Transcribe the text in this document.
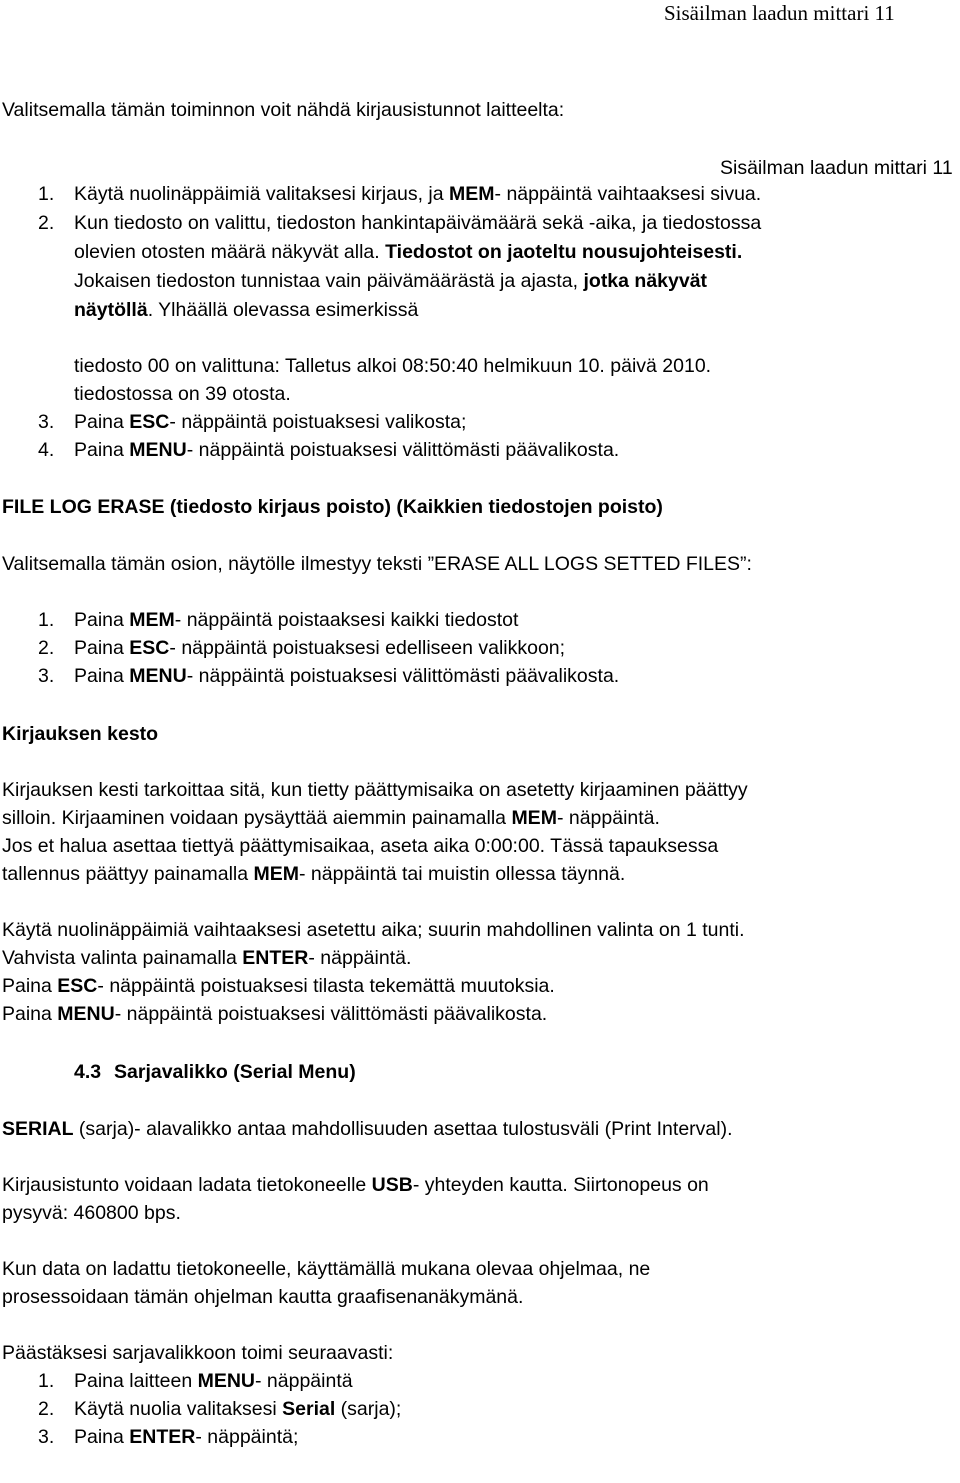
Sisäilman laadun mittari 11
Valitsemalla tämän toiminnon voit nähdä kirjausistunnot laitteelta:
Sisäilman laadun mittari 11
1. Käytä nuolinäppäimiä valitaksesi kirjaus, ja MEM- näppäintä vaihtaaksesi sivua.
2. Kun tiedosto on valittu, tiedoston hankintapäivämäärä sekä -aika, ja tiedostossa
olevien otosten määrä näkyvät alla. Tiedostot on jaoteltu nousujohteisesti.
Jokaisen tiedoston tunnistaa vain päivämäärästä ja ajasta, jotka näkyvät
näytöllä. Ylhäällä olevassa esimerkissä
tiedosto 00 on valittuna: Talletus alkoi 08:50:40 helmikuun 10. päivä 2010.
tiedostossa on 39 otosta.
3. Paina ESC- näppäintä poistuaksesi valikosta;
4. Paina MENU- näppäintä poistuaksesi välittömästi päävalikosta.
FILE LOG ERASE (tiedosto kirjaus poisto) (Kaikkien tiedostojen poisto)
Valitsemalla tämän osion, näytölle ilmestyy teksti ”ERASE ALL LOGS SETTED FILES”:
1. Paina MEM- näppäintä poistaaksesi kaikki tiedostot
2. Paina ESC- näppäintä poistuaksesi edelliseen valikkoon;
3. Paina MENU- näppäintä poistuaksesi välittömästi päävalikosta.
Kirjauksen kesto
Kirjauksen kesti tarkoittaa sitä, kun tietty päättymisaika on asetetty kirjaaminen päättyy
silloin. Kirjaaminen voidaan pysäyttää aiemmin painamalla MEM- näppäintä.
Jos et halua asettaa tiettyä päättymisaikaa, aseta aika 0:00:00. Tässä tapauksessa
tallennus päättyy painamalla MEM- näppäintä tai muistin ollessa täynnä.
Käytä nuolinäppäimiä vaihtaaksesi asetettu aika; suurin mahdollinen valinta on 1 tunti.
Vahvista valinta painamalla ENTER- näppäintä.
Paina ESC- näppäintä poistuaksesi tilasta tekemättä muutoksia.
Paina MENU- näppäintä poistuaksesi välittömästi päävalikosta.
4.3 Sarjavalikko (Serial Menu)
SERIAL (sarja)- alavalikko antaa mahdollisuuden asettaa tulostusväli (Print Interval).
Kirjausistunto voidaan ladata tietokoneelle USB- yhteyden kautta. Siirtonopeus on
pysyvä: 460800 bps.
Kun data on ladattu tietokoneelle, käyttämällä mukana olevaa ohjelmaa, ne
prosessoidaan tämän ohjelman kautta graafisenanäkymänä.
Päästäksesi sarjavalikkoon toimi seuraavasti:
1. Paina laitteen MENU- näppäintä
2. Käytä nuolia valitaksesi Serial (sarja);
3. Paina ENTER- näppäintä;
